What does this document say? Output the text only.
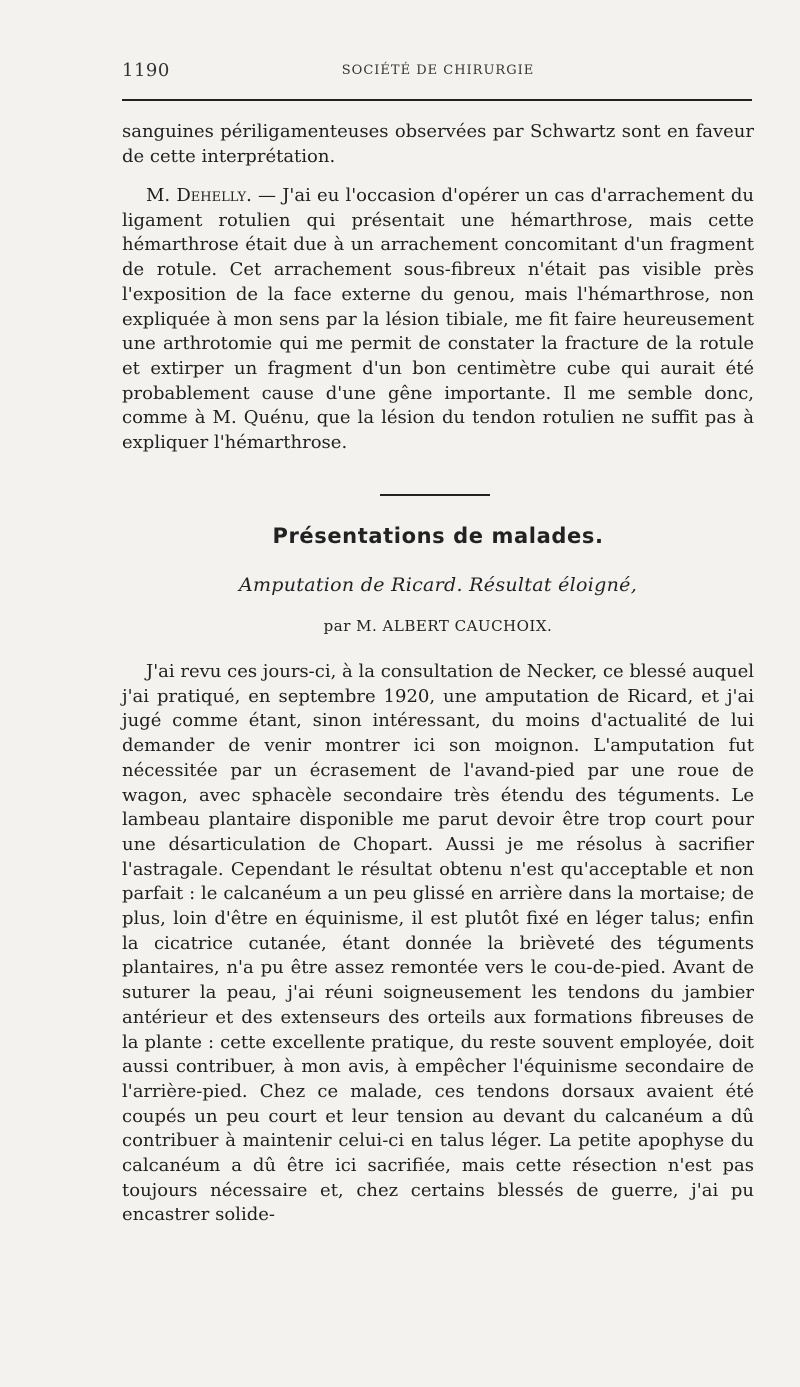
1190	SOCIÉTÉ DE CHIRURGIE

sanguines périligamenteuses observées par Schwartz sont en faveur de cette interprétation.

M. Dehelly. — J'ai eu l'occasion d'opérer un cas d'arrachement du ligament rotulien qui présentait une hémarthrose, mais cette hémarthrose était due à un arrachement concomitant d'un fragment de rotule. Cet arrachement sous-fibreux n'était pas visible près l'exposition de la face externe du genou, mais l'hémarthrose, non expliquée à mon sens par la lésion tibiale, me fit faire heureusement une arthrotomie qui me permit de constater la fracture de la rotule et extirper un fragment d'un bon centimètre cube qui aurait été probablement cause d'une gêne importante. Il me semble donc, comme à M. Quénu, que la lésion du tendon rotulien ne suffit pas à expliquer l'hémarthrose.

Présentations de malades.
Amputation de Ricard. Résultat éloigné,
par M. ALBERT CAUCHOIX.

J'ai revu ces jours-ci, à la consultation de Necker, ce blessé auquel j'ai pratiqué, en septembre 1920, une amputation de Ricard, et j'ai jugé comme étant, sinon intéressant, du moins d'actualité de lui demander de venir montrer ici son moignon. L'amputation fut nécessitée par un écrasement de l'avand-pied par une roue de wagon, avec sphacèle secondaire très étendu des téguments. Le lambeau plantaire disponible me parut devoir être trop court pour une désarticulation de Chopart. Aussi je me résolus à sacrifier l'astragale. Cependant le résultat obtenu n'est qu'acceptable et non parfait : le calcanéum a un peu glissé en arrière dans la mortaise; de plus, loin d'être en équinisme, il est plutôt fixé en léger talus; enfin la cicatrice cutanée, étant donnée la brièveté des téguments plantaires, n'a pu être assez remontée vers le cou-de-pied. Avant de suturer la peau, j'ai réuni soigneusement les tendons du jambier antérieur et des extenseurs des orteils aux formations fibreuses de la plante : cette excellente pratique, du reste souvent employée, doit aussi contribuer, à mon avis, à empêcher l'équinisme secondaire de l'arrière-pied. Chez ce malade, ces tendons dorsaux avaient été coupés un peu court et leur tension au devant du calcanéum a dû contribuer à maintenir celui-ci en talus léger. La petite apophyse du calcanéum a dû être ici sacrifiée, mais cette résection n'est pas toujours nécessaire et, chez certains blessés de guerre, j'ai pu encastrer solide-
